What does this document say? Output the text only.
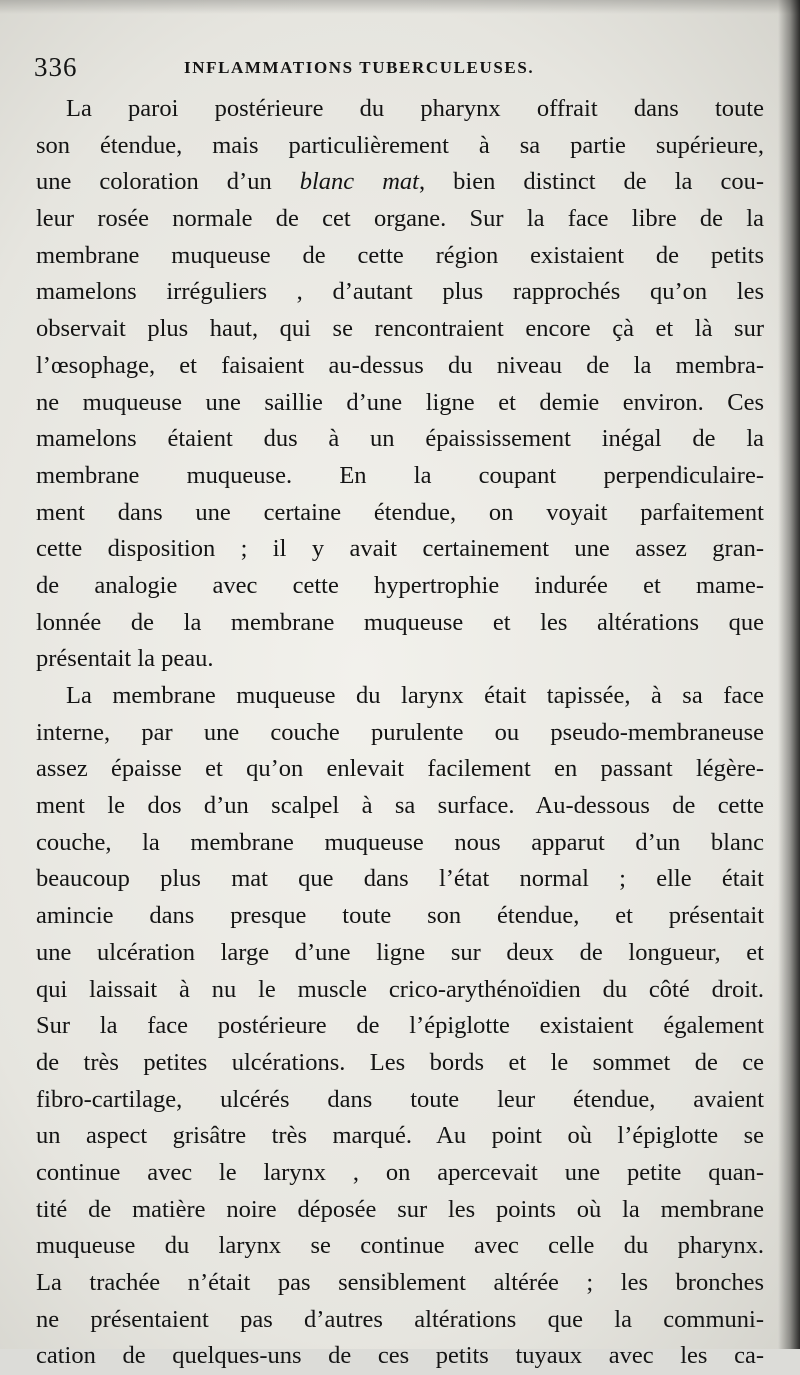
336	INFLAMMATIONS TUBERCULEUSES.
La paroi postérieure du pharynx offrait dans toute
son étendue, mais particulièrement à sa partie supérieure,
une coloration d’un blanc mat, bien distinct de la cou-
leur rosée normale de cet organe. Sur la face libre de la
membrane muqueuse de cette région existaient de petits
mamelons irréguliers , d’autant plus rapprochés qu’on les
observait plus haut, qui se rencontraient encore çà et là sur
l’œsophage, et faisaient au-dessus du niveau de la membra-
ne muqueuse une saillie d’une ligne et demie environ. Ces
mamelons étaient dus à un épaississement inégal de la
membrane muqueuse. En la coupant perpendiculaire-
ment dans une certaine étendue, on voyait parfaitement
cette disposition ; il y avait certainement une assez gran-
de analogie avec cette hypertrophie indurée et mame-
lonnée de la membrane muqueuse et les altérations que
présentait la peau.
La membrane muqueuse du larynx était tapissée, à sa face
interne, par une couche purulente ou pseudo-membraneuse
assez épaisse et qu’on enlevait facilement en passant légère-
ment le dos d’un scalpel à sa surface. Au-dessous de cette
couche, la membrane muqueuse nous apparut d’un blanc
beaucoup plus mat que dans l’état normal ; elle était
amincie dans presque toute son étendue, et présentait
une ulcération large d’une ligne sur deux de longueur, et
qui laissait à nu le muscle crico-arythénoïdien du côté droit.
Sur la face postérieure de l’épiglotte existaient également
de très petites ulcérations. Les bords et le sommet de ce
fibro-cartilage, ulcérés dans toute leur étendue, avaient
un aspect grisâtre très marqué. Au point où l’épiglotte se
continue avec le larynx , on apercevait une petite quan-
tité de matière noire déposée sur les points où la membrane
muqueuse du larynx se continue avec celle du pharynx.
La trachée n’était pas sensiblement altérée ; les bronches
ne présentaient pas d’autres altérations que la communi-
cation de quelques-uns de ces petits tuyaux avec les ca-
